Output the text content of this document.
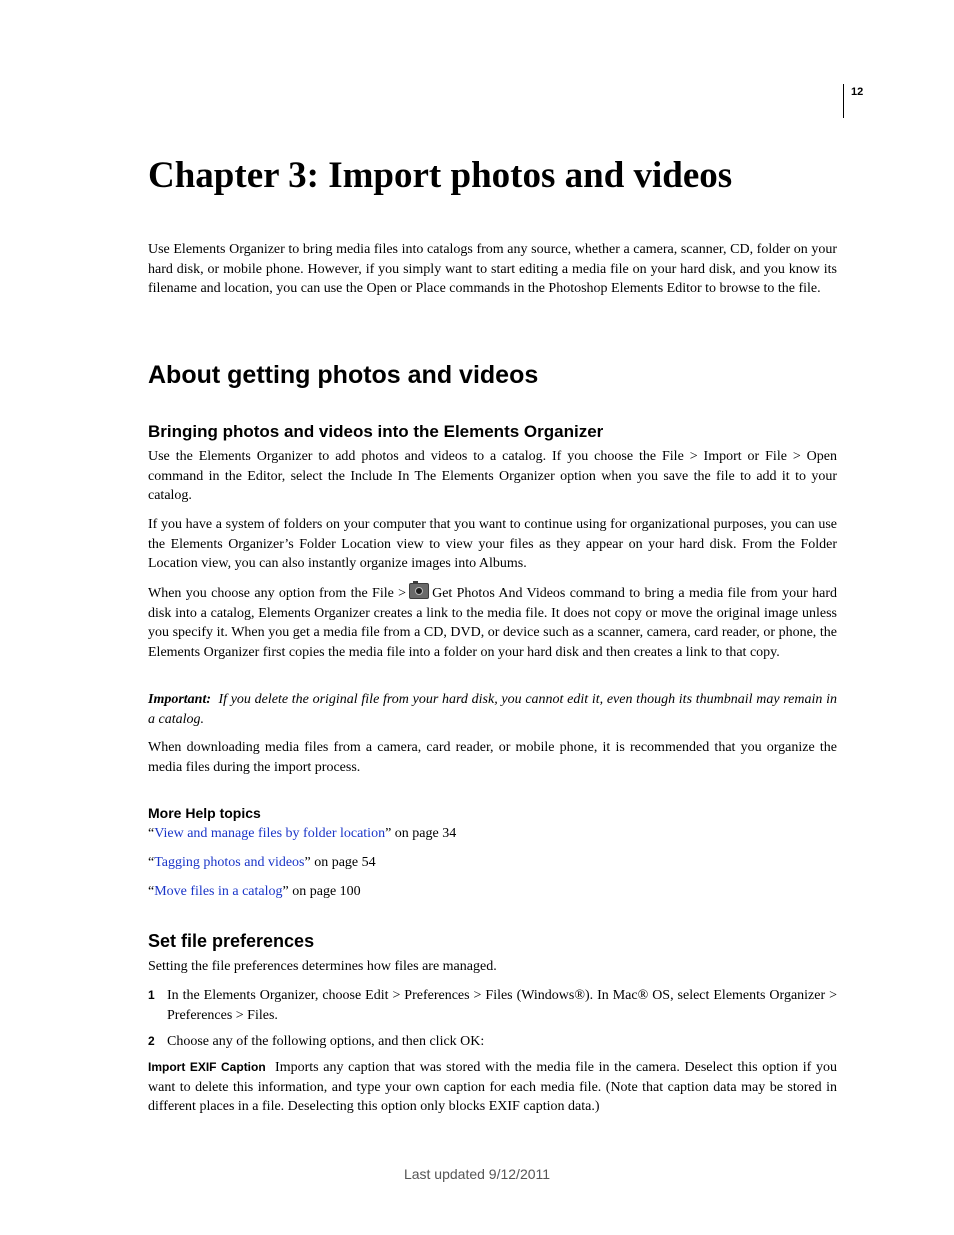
12
Chapter 3: Import photos and videos

Use Elements Organizer to bring media files into catalogs from any source, whether a camera, scanner, CD, folder on your hard disk, or mobile phone. However, if you simply want to start editing a media file on your hard disk, and you know its filename and location, you can use the Open or Place commands in the Photoshop Elements Editor to browse to the file.

About getting photos and videos
Bringing photos and videos into the Elements Organizer

Use the Elements Organizer to add photos and videos to a catalog. If you choose the File > Import or File > Open command in the Editor, select the Include In The Elements Organizer option when you save the file to add it to your catalog.

If you have a system of folders on your computer that you want to continue using for organizational purposes, you can use the Elements Organizer’s Folder Location view to view your files as they appear on your hard disk. From the Folder Location view, you can also instantly organize images into Albums.

When you choose any option from the File > Get Photos And Videos command to bring a media file from your hard disk into a catalog, Elements Organizer creates a link to the media file. It does not copy or move the original image unless you specify it. When you get a media file from a CD, DVD, or device such as a scanner, camera, card reader, or phone, the Elements Organizer first copies the media file into a folder on your hard disk and then creates a link to that copy.

Important: If you delete the original file from your hard disk, you cannot edit it, even though its thumbnail may remain in a catalog.

When downloading media files from a camera, card reader, or mobile phone, it is recommended that you organize the media files during the import process.

More Help topics

“View and manage files by folder location” on page 34

“Tagging photos and videos” on page 54

“Move files in a catalog” on page 100

Set file preferences

Setting the file preferences determines how files are managed.

1 In the Elements Organizer, choose Edit > Preferences > Files (Windows®). In Mac® OS, select Elements Organizer > Preferences > Files.
2 Choose any of the following options, and then click OK:

Import EXIF Caption Imports any caption that was stored with the media file in the camera. Deselect this option if you want to delete this information, and type your own caption for each media file. (Note that caption data may be stored in different places in a file. Deselecting this option only blocks EXIF caption data.)

Last updated 9/12/2011
